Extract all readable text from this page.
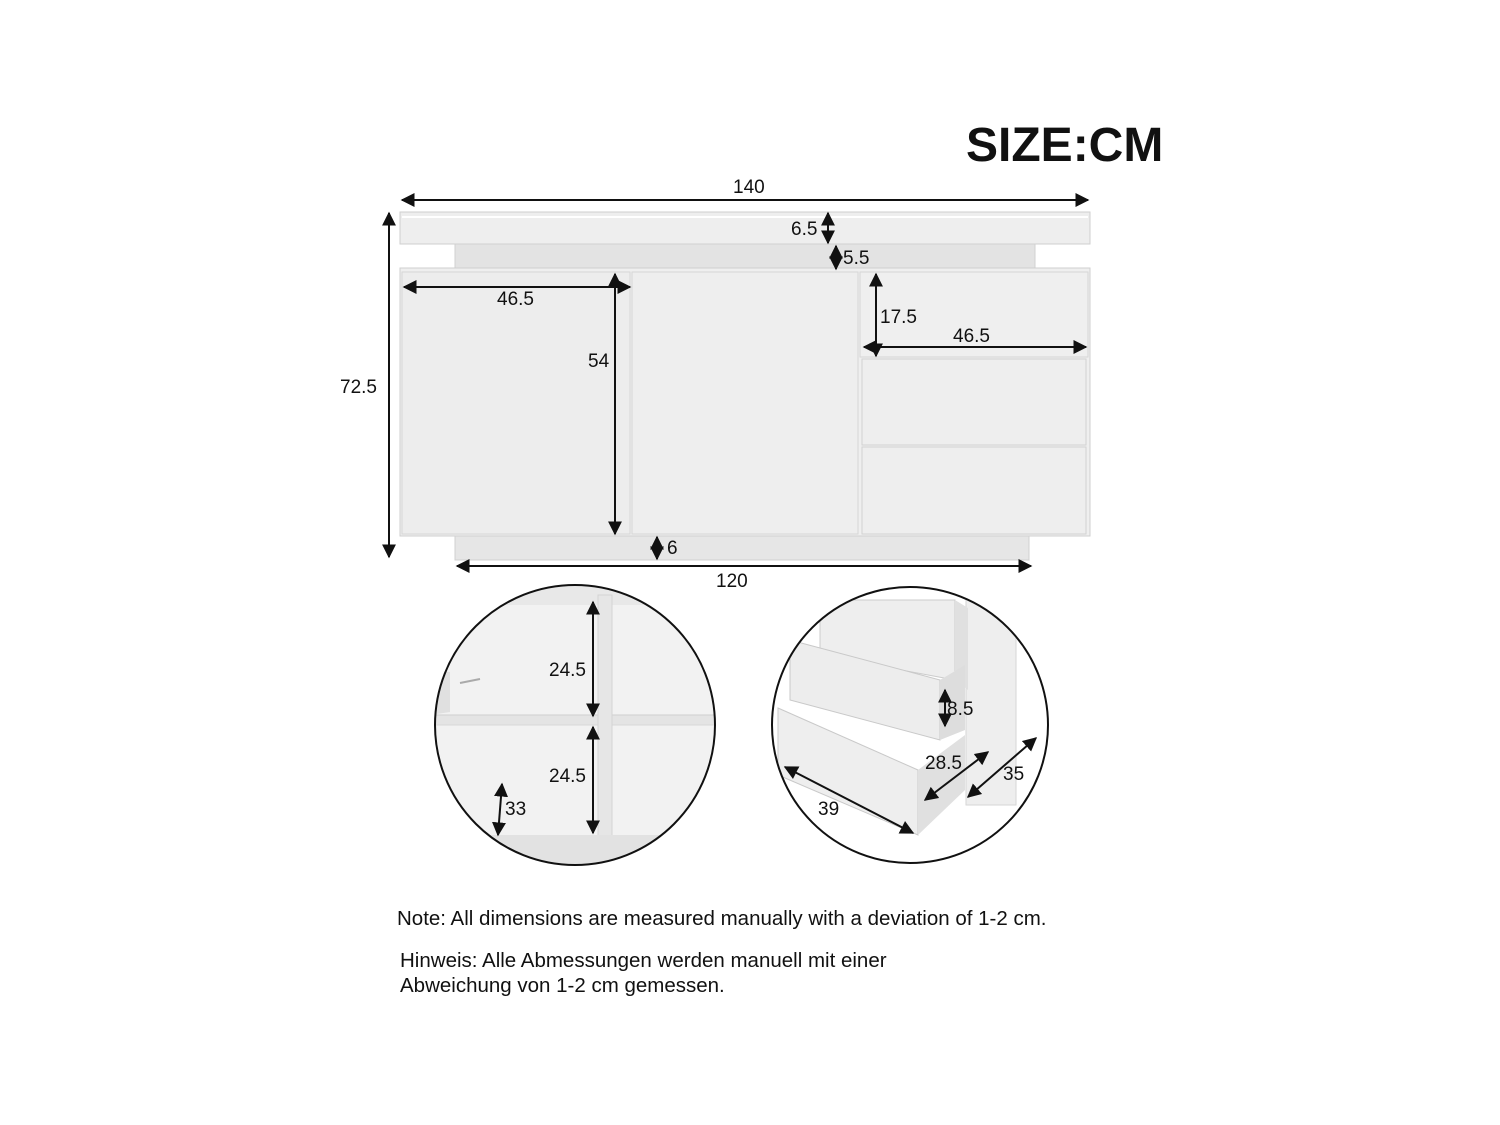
140
6.5
5.5
72.5
46.5
54
17.5
46.5
6
120
24.5
24.5
33
8.5
28.5
39
35
SIZE:CM
Note: All dimensions are measured manually with a deviation of 1-2 cm.
Hinweis: Alle Abmessungen werden manuell mit einer
Abweichung von 1-2 cm gemessen.
